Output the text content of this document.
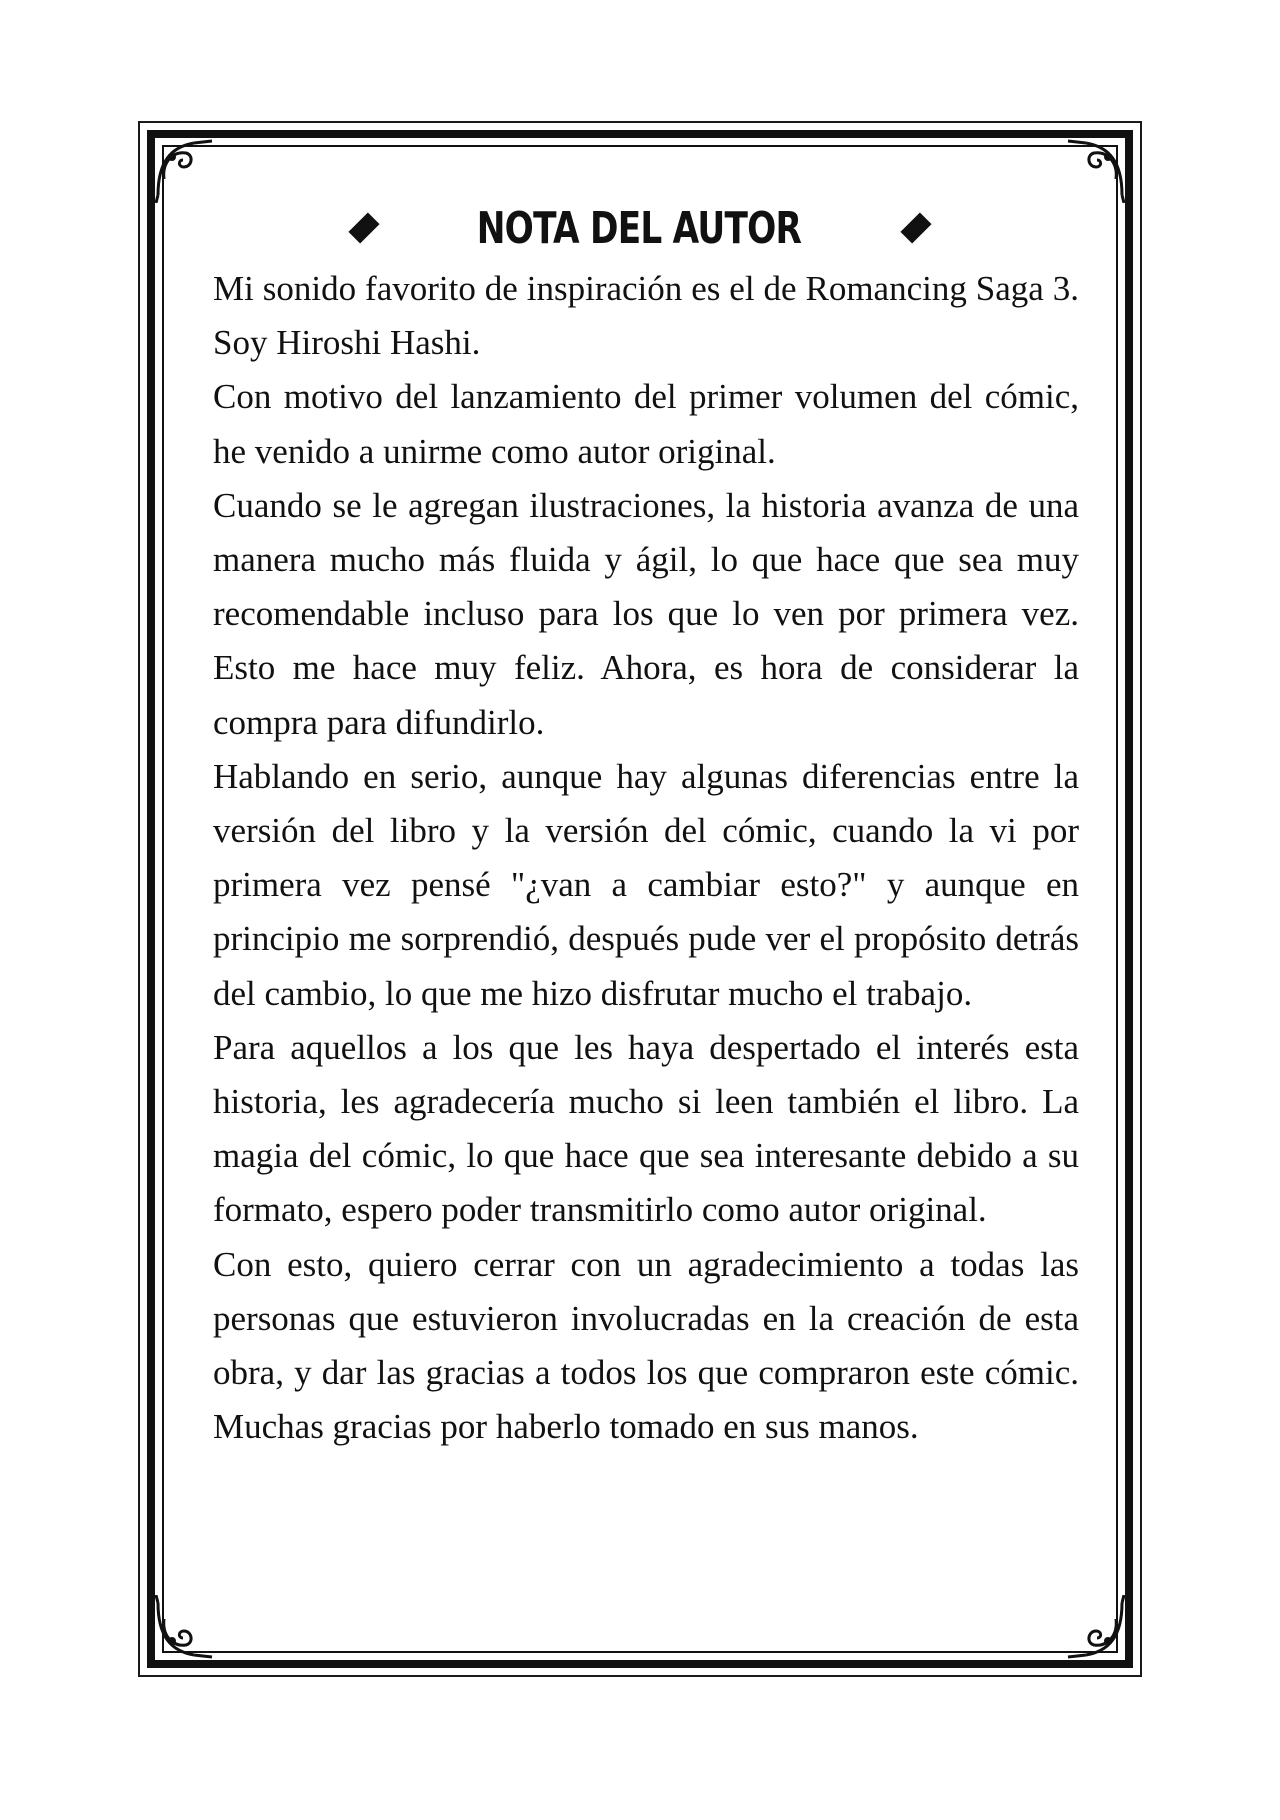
NOTA DEL AUTOR

Mi sonido favorito de inspiración es el de Romancing Saga 3. Soy Hiroshi Hashi.

Con motivo del lanzamiento del primer volumen del cómic, he venido a unirme como autor original.

Cuando se le agregan ilustraciones, la historia avanza de una manera mucho más fluida y ágil, lo que hace que sea muy recomendable incluso para los que lo ven por primera vez. Esto me hace muy feliz. Ahora, es hora de considerar la compra para difundirlo.

Hablando en serio, aunque hay algunas diferencias entre la versión del libro y la versión del cómic, cuando la vi por primera vez pensé "¿van a cambiar esto?" y aunque en principio me sorprendió, después pude ver el propósito detrás del cambio, lo que me hizo disfrutar mucho el trabajo.

Para aquellos a los que les haya despertado el interés esta historia, les agradecería mucho si leen también el libro. La magia del cómic, lo que hace que sea interesante debido a su formato, espero poder transmitirlo como autor original.

Con esto, quiero cerrar con un agradecimiento a todas las personas que estuvieron involucradas en la creación de esta obra, y dar las gracias a todos los que compraron este cómic. Muchas gracias por haberlo tomado en sus manos.
